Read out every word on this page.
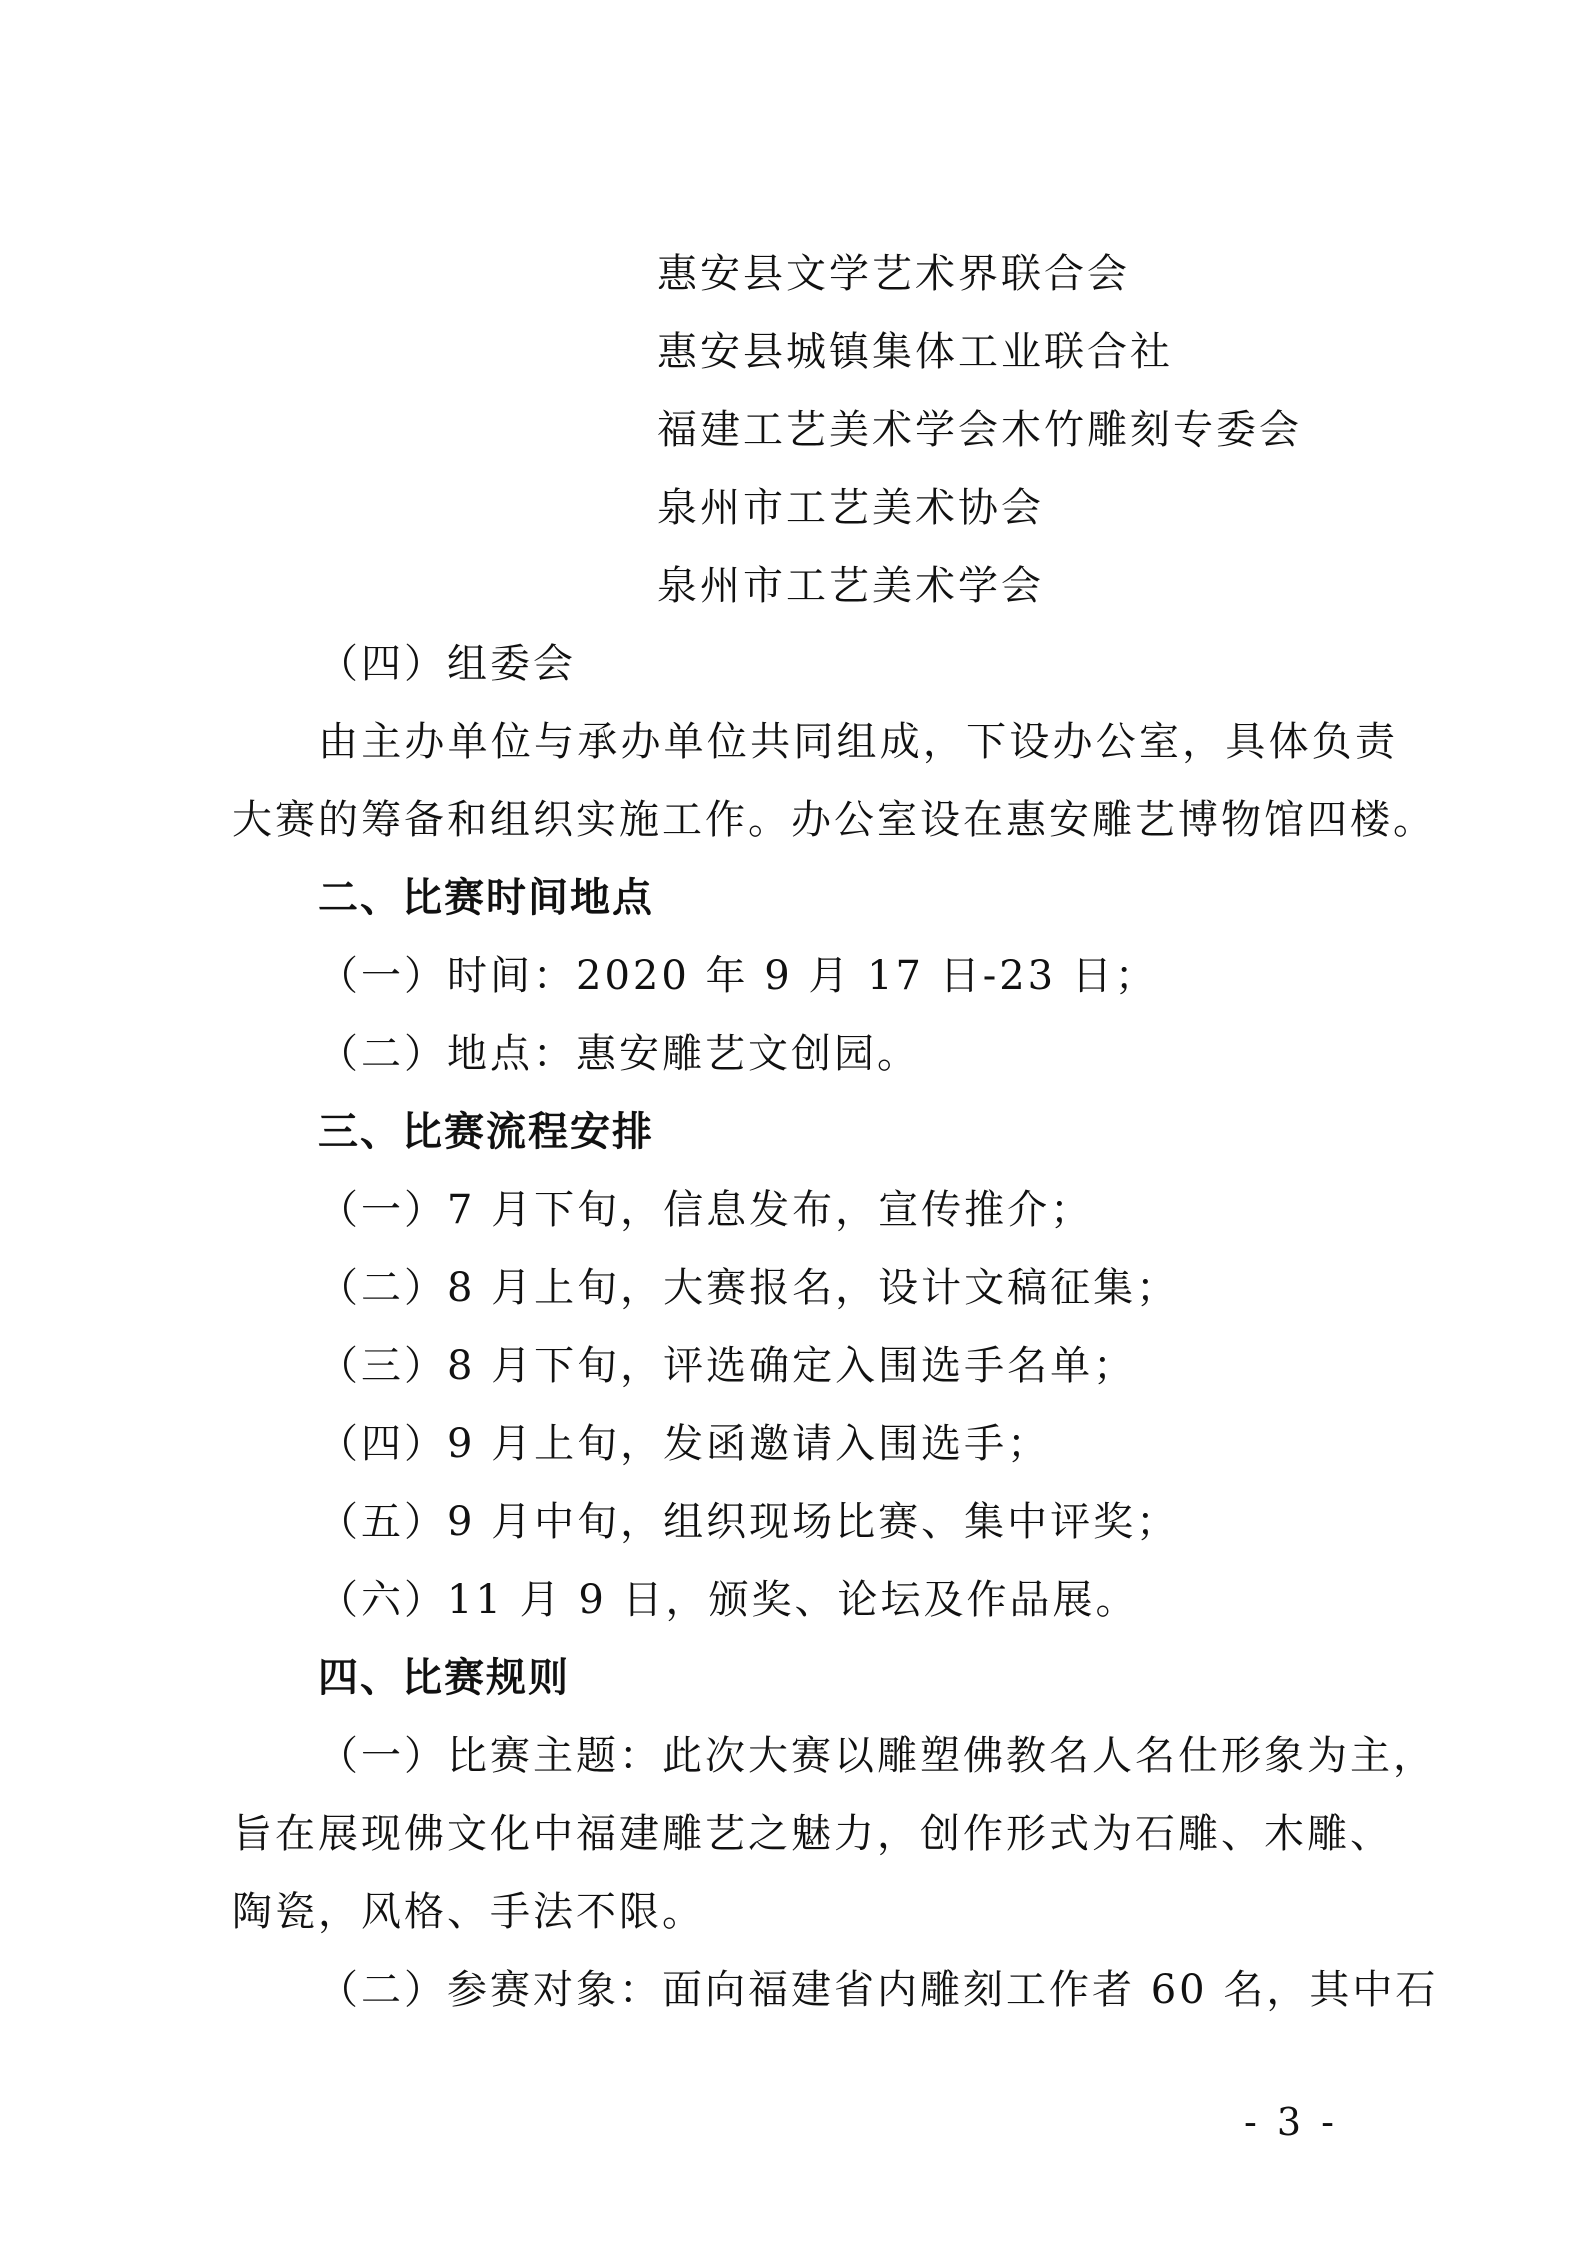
惠安县文学艺术界联合会
惠安县城镇集体工业联合社
福建工艺美术学会木竹雕刻专委会
泉州市工艺美术协会
泉州市工艺美术学会
（四）组委会
由主办单位与承办单位共同组成，下设办公室，具体负责
大赛的筹备和组织实施工作。办公室设在惠安雕艺博物馆四楼。
二、比赛时间地点
（一）时间：2020 年 9 月 17 日-23 日；
（二）地点：惠安雕艺文创园。
三、比赛流程安排
（一）7 月下旬，信息发布，宣传推介；
（二）8 月上旬，大赛报名，设计文稿征集；
（三）8 月下旬，评选确定入围选手名单；
（四）9 月上旬，发函邀请入围选手；
（五）9 月中旬，组织现场比赛、集中评奖；
（六）11 月 9 日，颁奖、论坛及作品展。
四、比赛规则
（一）比赛主题：此次大赛以雕塑佛教名人名仕形象为主，
旨在展现佛文化中福建雕艺之魅力，创作形式为石雕、木雕、
陶瓷，风格、手法不限。
（二）参赛对象：面向福建省内雕刻工作者 60 名，其中石
- 3 -
